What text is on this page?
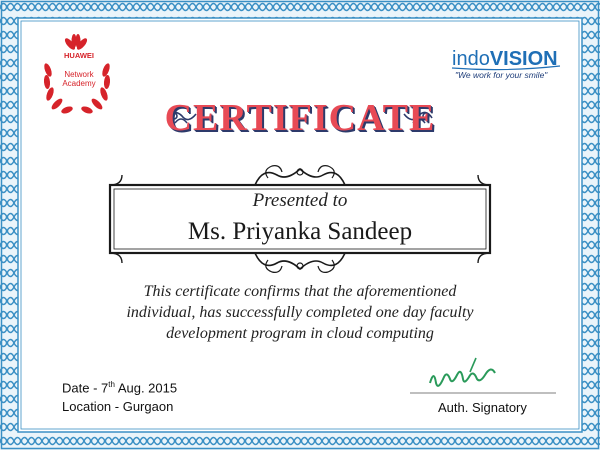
HUAWEI
Network
Academy
indoVISION
"We work for your smile"
CERTIFICATE
Presented to
Ms. Priyanka Sandeep
This certificate confirms that the aforementioned
individual, has successfully completed one day faculty
development program in cloud computing
Date - 7th Aug. 2015
Location - Gurgaon	Auth. Signatory
